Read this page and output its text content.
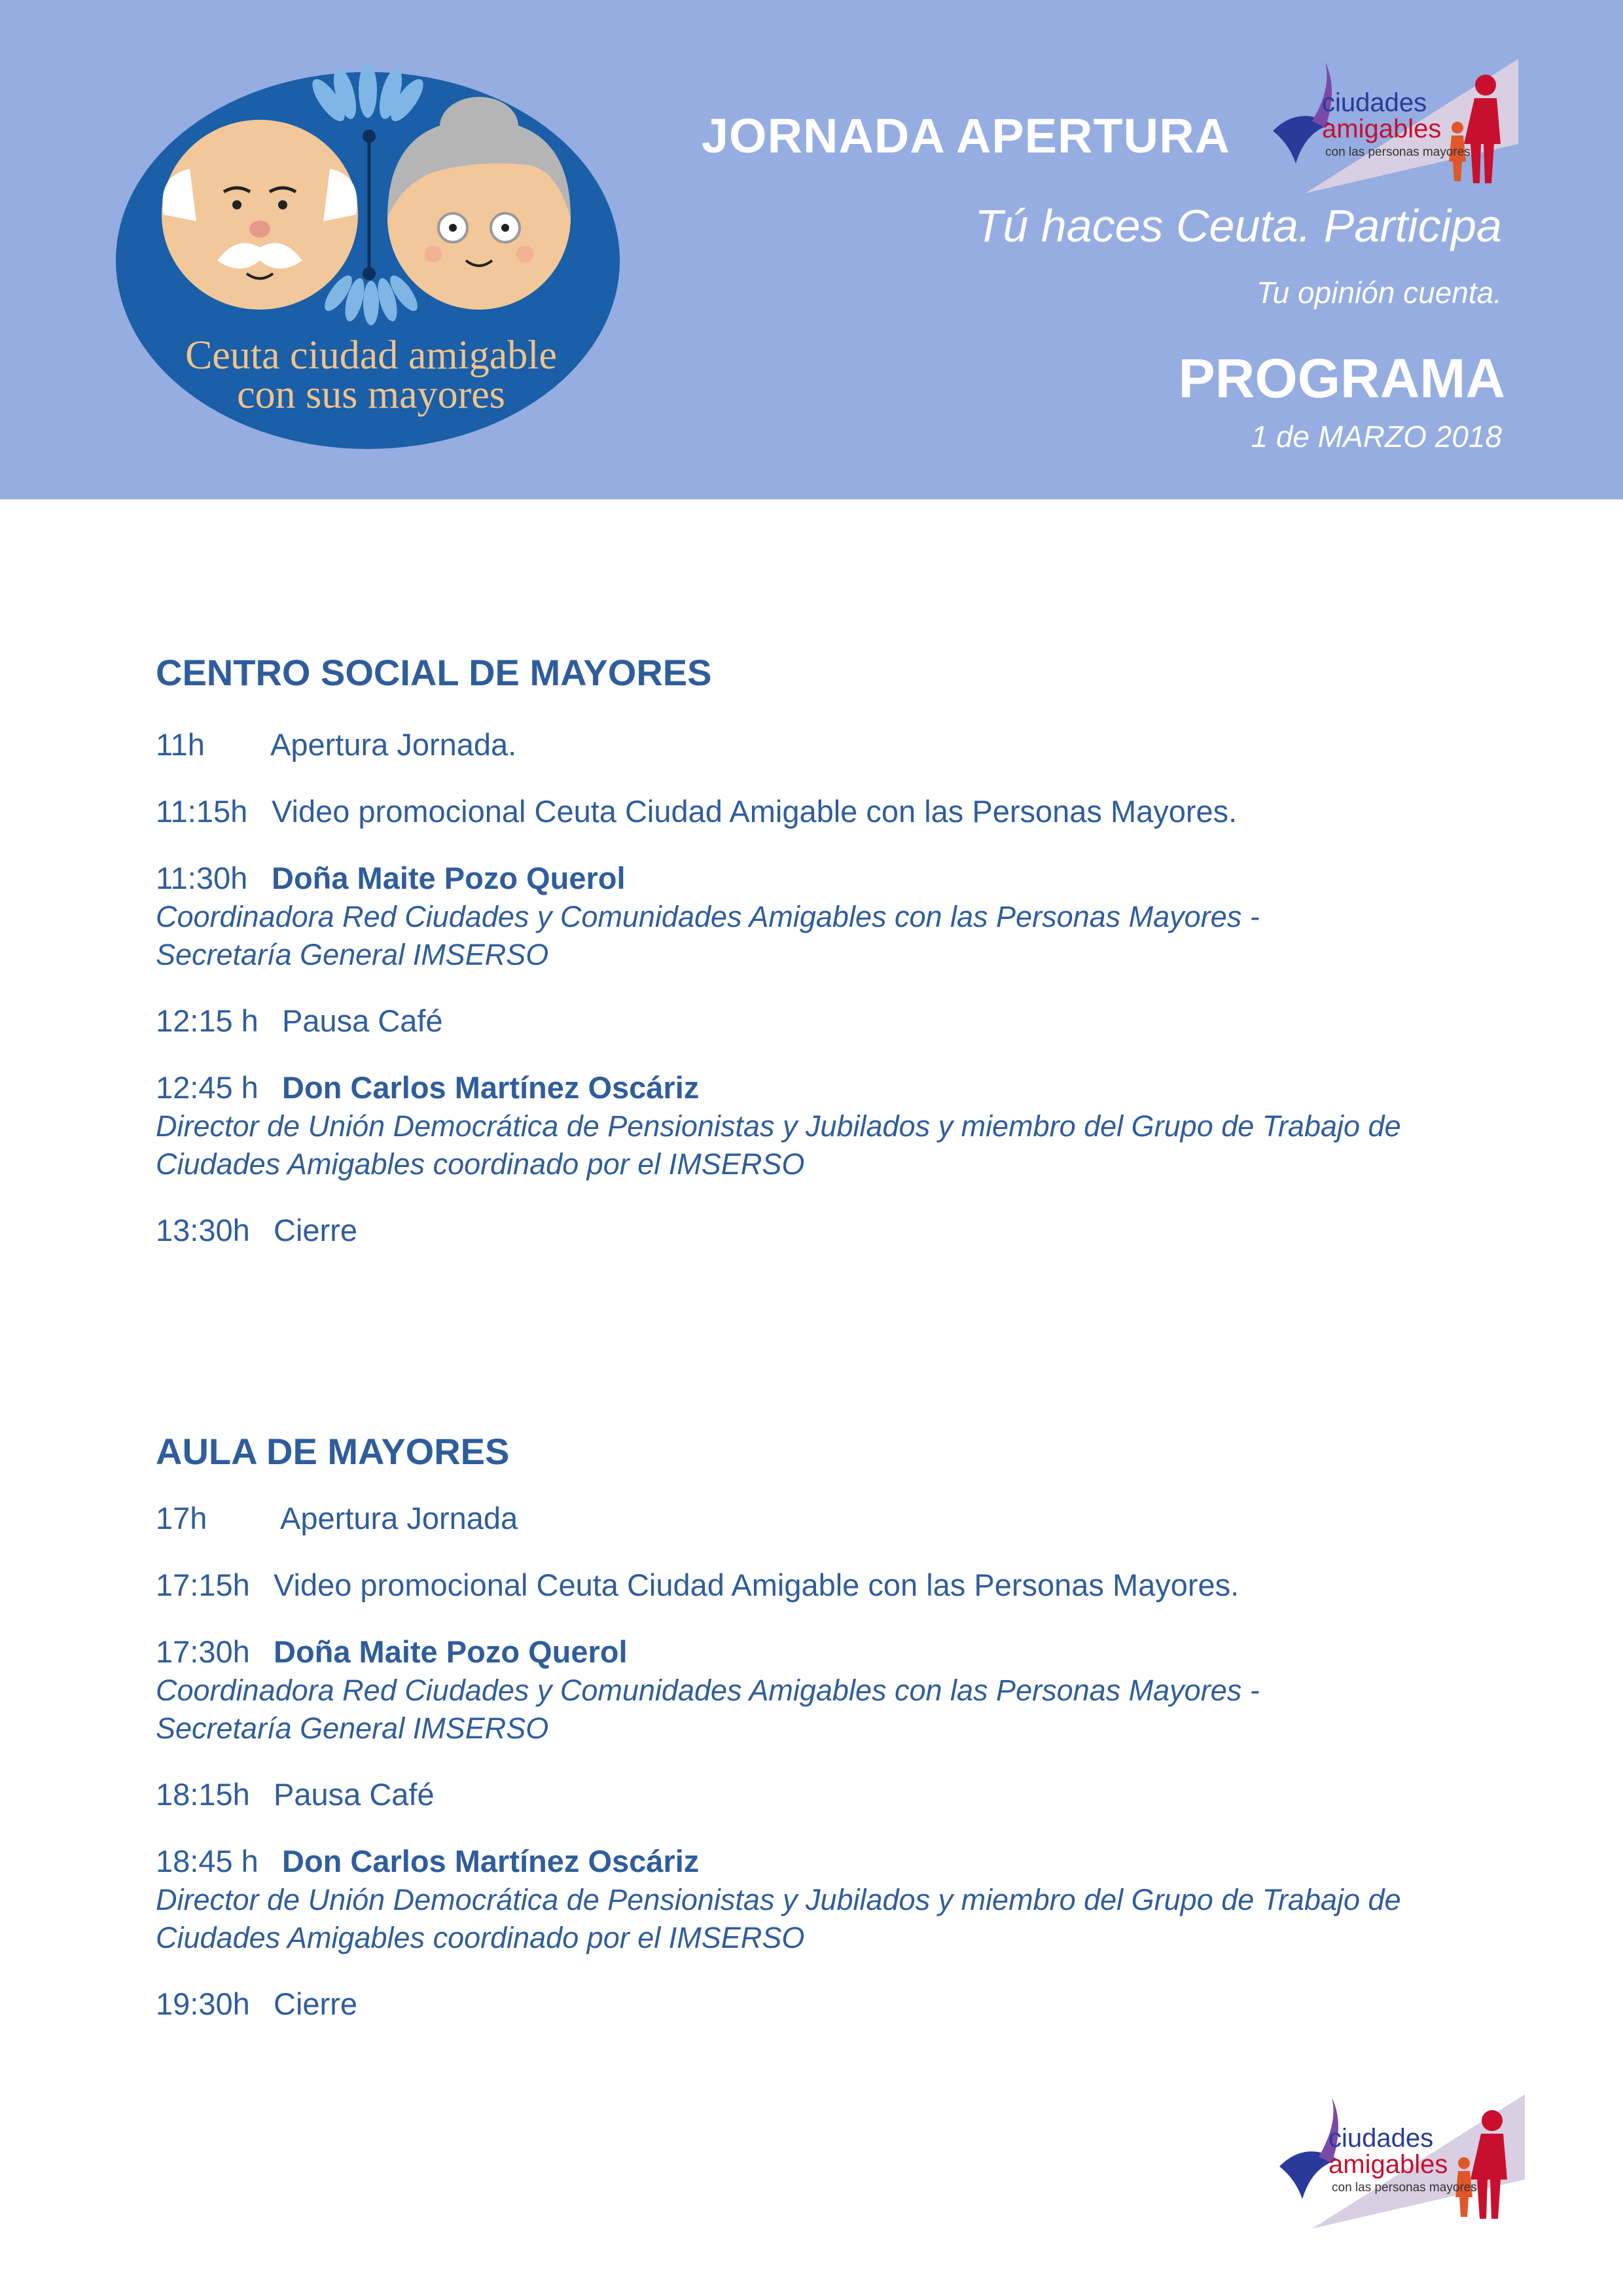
Ceuta ciudad amigable
con sus mayores
JORNADA APERTURA
Tú haces Ceuta. Participa
Tu opinión cuenta.
PROGRAMA
1 de MARZO 2018
ciudades
amigables
con las personas mayores
CENTRO SOCIAL DE MAYORES
11h Apertura Jornada.
11:15h Video promocional Ceuta Ciudad Amigable con las Personas Mayores.
11:30h Doña Maite Pozo Querol
Coordinadora Red Ciudades y Comunidades Amigables con las Personas Mayores -
Secretaría General IMSERSO
12:15 h Pausa Café
12:45 h Don Carlos Martínez Oscáriz
Director de Unión Democrática de Pensionistas y Jubilados y miembro del Grupo de Trabajo de
Ciudades Amigables coordinado por el IMSERSO
13:30h Cierre
AULA DE MAYORES
17h Apertura Jornada
17:15h Video promocional Ceuta Ciudad Amigable con las Personas Mayores.
17:30h Doña Maite Pozo Querol
Coordinadora Red Ciudades y Comunidades Amigables con las Personas Mayores -
Secretaría General IMSERSO
18:15h Pausa Café
18:45 h Don Carlos Martínez Oscáriz
Director de Unión Democrática de Pensionistas y Jubilados y miembro del Grupo de Trabajo de
Ciudades Amigables coordinado por el IMSERSO
19:30h Cierre
ciudades
amigables
con las personas mayores
